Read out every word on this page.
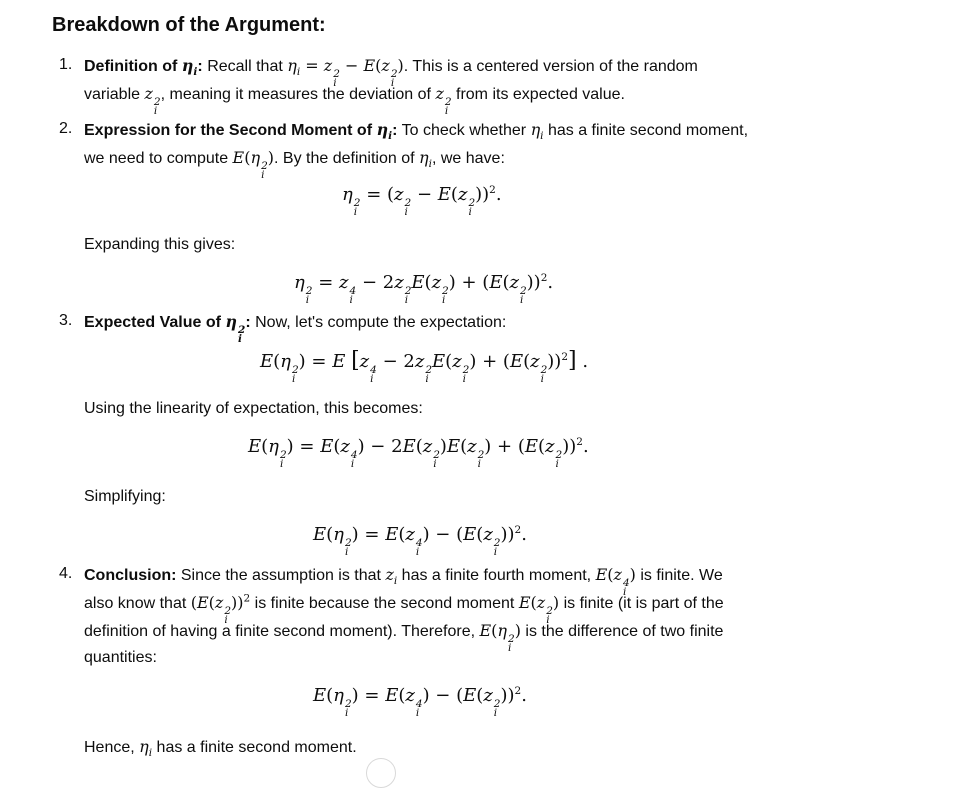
Breakdown of the Argument:
1. Definition of $\eta_i$: Recall that $\eta_i = z$ 2
i
− E(z 2
i
). This is a centered version of the random
variable z 2
i
, meaning it measures the deviation of z 2
i
from its expected value.
2. Expression for the Second Moment of $\eta_i$: To check whether $\eta_i$ has a finite second moment,
we need to compute E(η 2
i
). By the definition of $\eta_i$, we have:
η 2
i
= (z 2
i
− E(z 2
i
))$^2$.
Expanding this gives:
η 2
i
= z 4
i
− 2z 2
i
E(z 2
i
) + (E(z 2
i
))$^2$.
3. Expected Value of η 2
i
: Now, let's compute the expectation:
E(η 2
i
) = E [z 4
i
− 2z 2
i
E(z 2
i
) + (E(z 2
i
))$^2$] .
Using the linearity of expectation, this becomes:
E(η 2
i
) = E(z 4
i
) − 2E(z 2
i
)E(z 2
i
) + (E(z 2
i
))$^2$.
Simplifying:
E(η 2
i
) = E(z 4
i
) − (E(z 2
i
))$^2$.
4. Conclusion: Since the assumption is that $z_i$ has a finite fourth moment, E(z 4
i
) is finite. We
also know that (E(z 2
i
))$^2$ is finite because the second moment E(z 2
i
) is finite (it is part of the
definition of having a finite second moment). Therefore, E(η 2
i
) is the difference of two finite
quantities:
E(η 2
i
) = E(z 4
i
) − (E(z 2
i
))$^2$.
Hence, $\eta_i$ has a finite second moment.
